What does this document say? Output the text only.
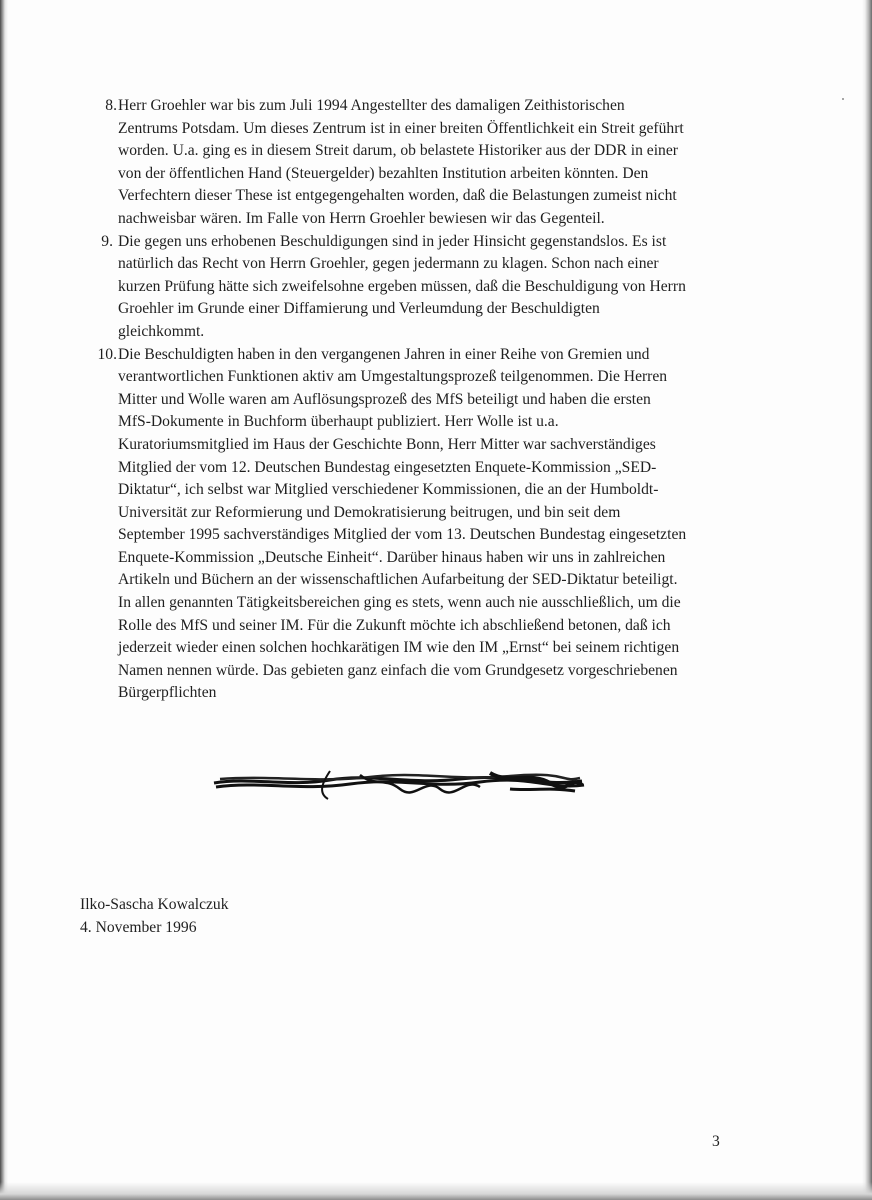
8. Herr Groehler war bis zum Juli 1994 Angestellter des damaligen Zeithistorischen
Zentrums Potsdam. Um dieses Zentrum ist in einer breiten Öffentlichkeit ein Streit geführt
worden. U.a. ging es in diesem Streit darum, ob belastete Historiker aus der DDR in einer
von der öffentlichen Hand (Steuergelder) bezahlten Institution arbeiten könnten. Den
Verfechtern dieser These ist entgegengehalten worden, daß die Belastungen zumeist nicht
nachweisbar wären. Im Falle von Herrn Groehler bewiesen wir das Gegenteil.
9. Die gegen uns erhobenen Beschuldigungen sind in jeder Hinsicht gegenstandslos. Es ist
natürlich das Recht von Herrn Groehler, gegen jedermann zu klagen. Schon nach einer
kurzen Prüfung hätte sich zweifelsohne ergeben müssen, daß die Beschuldigung von Herrn
Groehler im Grunde einer Diffamierung und Verleumdung der Beschuldigten
gleichkommt.
10. Die Beschuldigten haben in den vergangenen Jahren in einer Reihe von Gremien und
verantwortlichen Funktionen aktiv am Umgestaltungsprozeß teilgenommen. Die Herren
Mitter und Wolle waren am Auflösungsprozeß des MfS beteiligt und haben die ersten
MfS-Dokumente in Buchform überhaupt publiziert. Herr Wolle ist u.a.
Kuratoriumsmitglied im Haus der Geschichte Bonn, Herr Mitter war sachverständiges
Mitglied der vom 12. Deutschen Bundestag eingesetzten Enquete-Kommission „SED-
Diktatur“, ich selbst war Mitglied verschiedener Kommissionen, die an der Humboldt-
Universität zur Reformierung und Demokratisierung beitrugen, und bin seit dem
September 1995 sachverständiges Mitglied der vom 13. Deutschen Bundestag eingesetzten
Enquete-Kommission „Deutsche Einheit“. Darüber hinaus haben wir uns in zahlreichen
Artikeln und Büchern an der wissenschaftlichen Aufarbeitung der SED-Diktatur beteiligt.
In allen genannten Tätigkeitsbereichen ging es stets, wenn auch nie ausschließlich, um die
Rolle des MfS und seiner IM. Für die Zukunft möchte ich abschließend betonen, daß ich
jederzeit wieder einen solchen hochkarätigen IM wie den IM „Ernst“ bei seinem richtigen
Namen nennen würde. Das gebieten ganz einfach die vom Grundgesetz vorgeschriebenen
Bürgerpflichten
Ilko-Sascha Kowalczuk
4. November 1996
3
